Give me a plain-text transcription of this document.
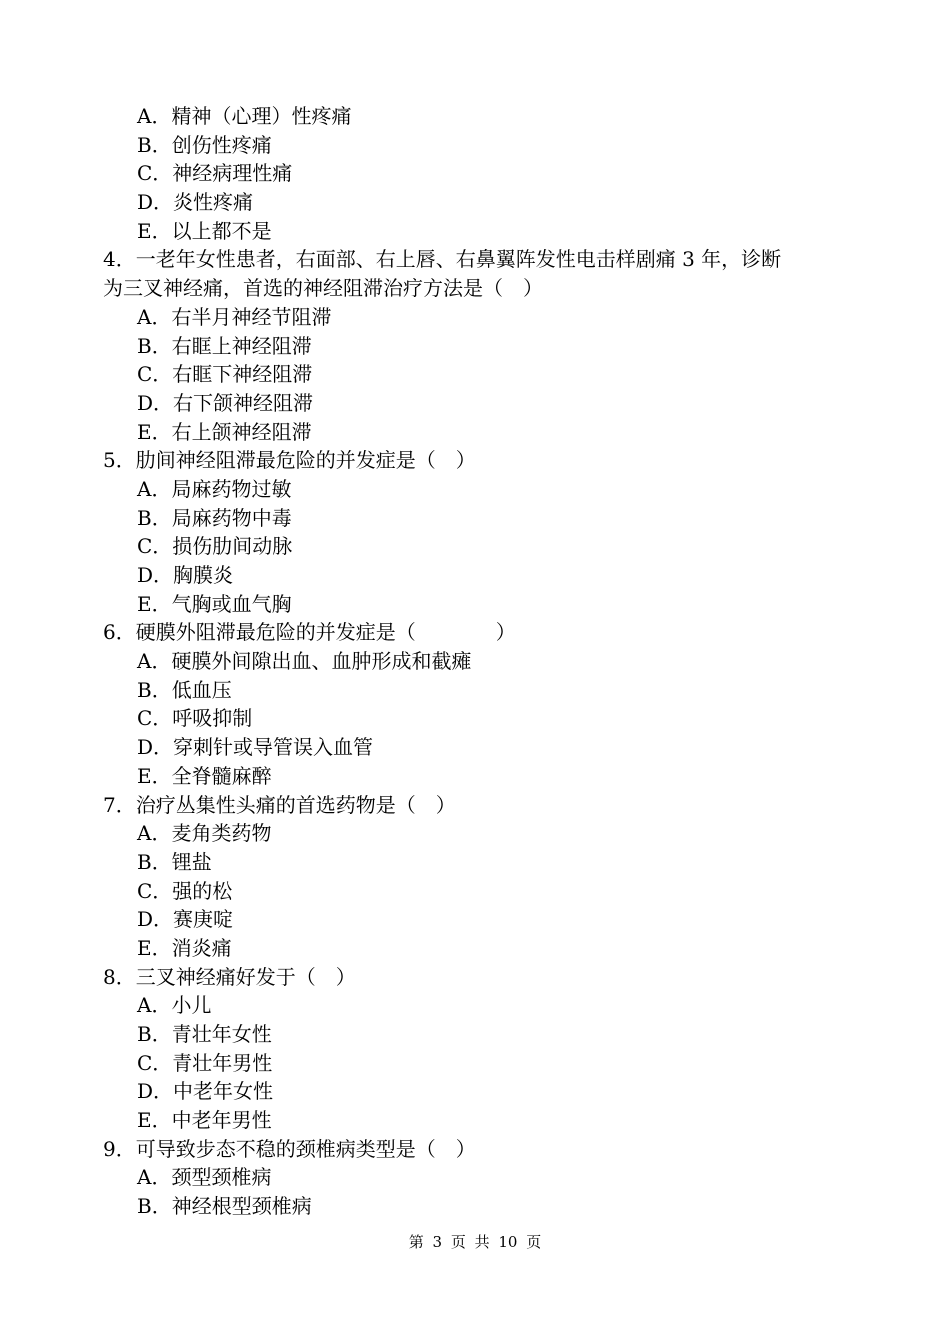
A．精神（心理）性疼痛
B．创伤性疼痛
C．神经病理性痛
D．炎性疼痛
E．以上都不是
4．一老年女性患者，右面部、右上唇、右鼻翼阵发性电击样剧痛 3 年，诊断
为三叉神经痛，首选的神经阻滞治疗方法是（　）
A．右半月神经节阻滞
B．右眶上神经阻滞
C．右眶下神经阻滞
D．右下颌神经阻滞
E．右上颌神经阻滞
5．肋间神经阻滞最危险的并发症是（　）
A．局麻药物过敏
B．局麻药物中毒
C．损伤肋间动脉
D．胸膜炎
E．气胸或血气胸
6．硬膜外阻滞最危险的并发症是（　　　　）
A．硬膜外间隙出血、血肿形成和截瘫
B．低血压
C．呼吸抑制
D．穿刺针或导管误入血管
E．全脊髓麻醉
7．治疗丛集性头痛的首选药物是（　）
A．麦角类药物
B．锂盐
C．强的松
D．赛庚啶
E．消炎痛
8．三叉神经痛好发于（　）
A．小儿
B．青壮年女性
C．青壮年男性
D．中老年女性
E．中老年男性
9．可导致步态不稳的颈椎病类型是（　）
A．颈型颈椎病
B．神经根型颈椎病
第 3 页 共 10 页
